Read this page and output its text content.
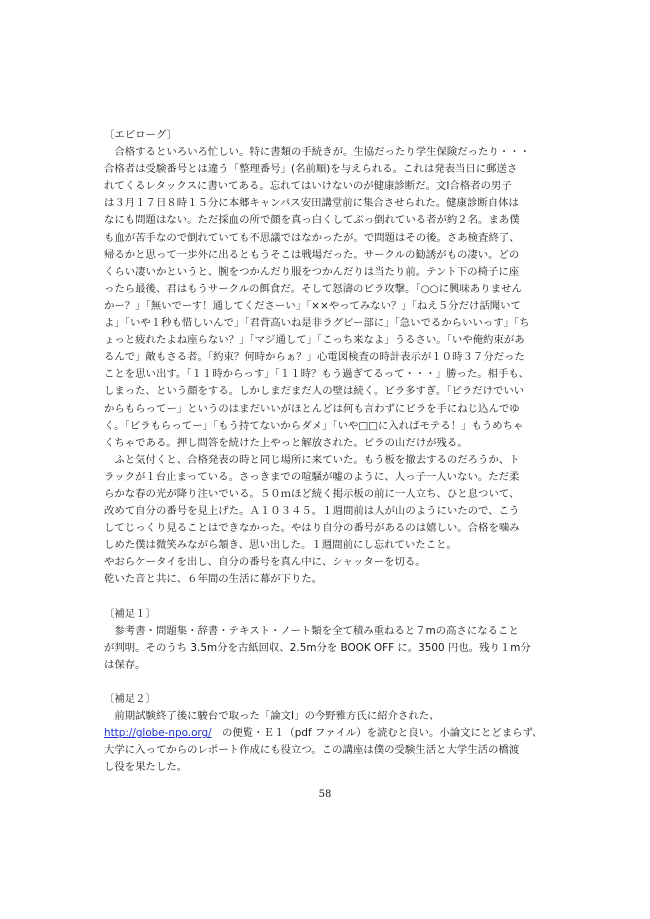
〔エピローグ〕
　合格するといろいろ忙しい。特に書類の手続きが。生協だったり学生保険だったり・・・
合格者は受験番号とは違う「整理番号」(名前順)を与えられる。これは発表当日に郵送さ
れてくるレタックスに書いてある。忘れてはいけないのが健康診断だ。文Ⅰ合格者の男子
は３月１７日８時１５分に本郷キャンパス安田講堂前に集合させられた。健康診断自体は
なにも問題はない。ただ採血の所で顔を真っ白くしてぶっ倒れている者が約２名。まあ僕
も血が苦手なので倒れていても不思議ではなかったが。で問題はその後。さあ検査終了、
帰るかと思って一歩外に出るともうそこは戦場だった。サークルの勧誘がもの凄い。どの
くらい凄いかというと、腕をつかんだり服をつかんだりは当たり前。テント下の椅子に座
ったら最後、君はもうサークルの餌食だ。そして怒濤のビラ攻撃。「○○に興味ありません
かー？」「無いでーす！通してくださーい」「××やってみない？」「ねえ５分だけ話聞いて
よ」「いや１秒も惜しいんで」「君背高いね是非ラグビー部に」「急いでるからいいっす」「ち
ょっと疲れたよね座らない？」「マジ通して」「こっち来なよ」うるさい。「いや俺約束があ
るんで」敵もさる者。「約束？何時からぁ？」心電図検査の時計表示が１０時３７分だった
ことを思い出す。「１１時からっす」「１１時？もう過ぎてるって・・・」勝った。相手も、
しまった、という顔をする。しかしまだまだ人の壁は続く。ビラ多すぎ。「ビラだけでいい
からもらってー」というのはまだいいがほとんどは何も言わずにビラを手にねじ込んでゆ
く。「ビラもらってー」「もう持てないからダメ」「いや□□に入ればモテる！」もうめちゃ
くちゃである。押し問答を続けた上やっと解放された。ビラの山だけが残る。
　ふと気付くと、合格発表の時と同じ場所に来ていた。もう板を撤去するのだろうか、ト
ラックが１台止まっている。さっきまでの喧騒が嘘のように、人っ子一人いない。ただ柔
らかな春の光が降り注いでいる。５０ｍほど続く掲示板の前に一人立ち、ひと息ついて、
改めて自分の番号を見上げた。Ａ１０３４５。１週間前は人が山のようにいたので、こう
してじっくり見ることはできなかった。やはり自分の番号があるのは嬉しい。合格を噛み
しめた僕は微笑みながら頷き、思い出した。１週間前にし忘れていたこと。
やおらケータイを出し、自分の番号を真ん中に、シャッターを切る。
乾いた音と共に、６年間の生活に幕が下りた。
〔補足１〕
　参考書・問題集・辞書・テキスト・ノート類を全て積み重ねると７mの高さになること
が判明。そのうち 3.5m分を古紙回収、2.5m分を BOOK OFF に。3500 円也。残り１m分
は保存。
〔補足２〕
　前期試験終了後に駿台で取った「論文Ⅰ」の今野雅方氏に紹介された、
http://globe-npo.org/ 　の便覧・Ｅ１（pdf ファイル）を読むと良い。小論文にとどまらず、
大学に入ってからのレポート作成にも役立つ。この講座は僕の受験生活と大学生活の橋渡
し役を果たした。
58
